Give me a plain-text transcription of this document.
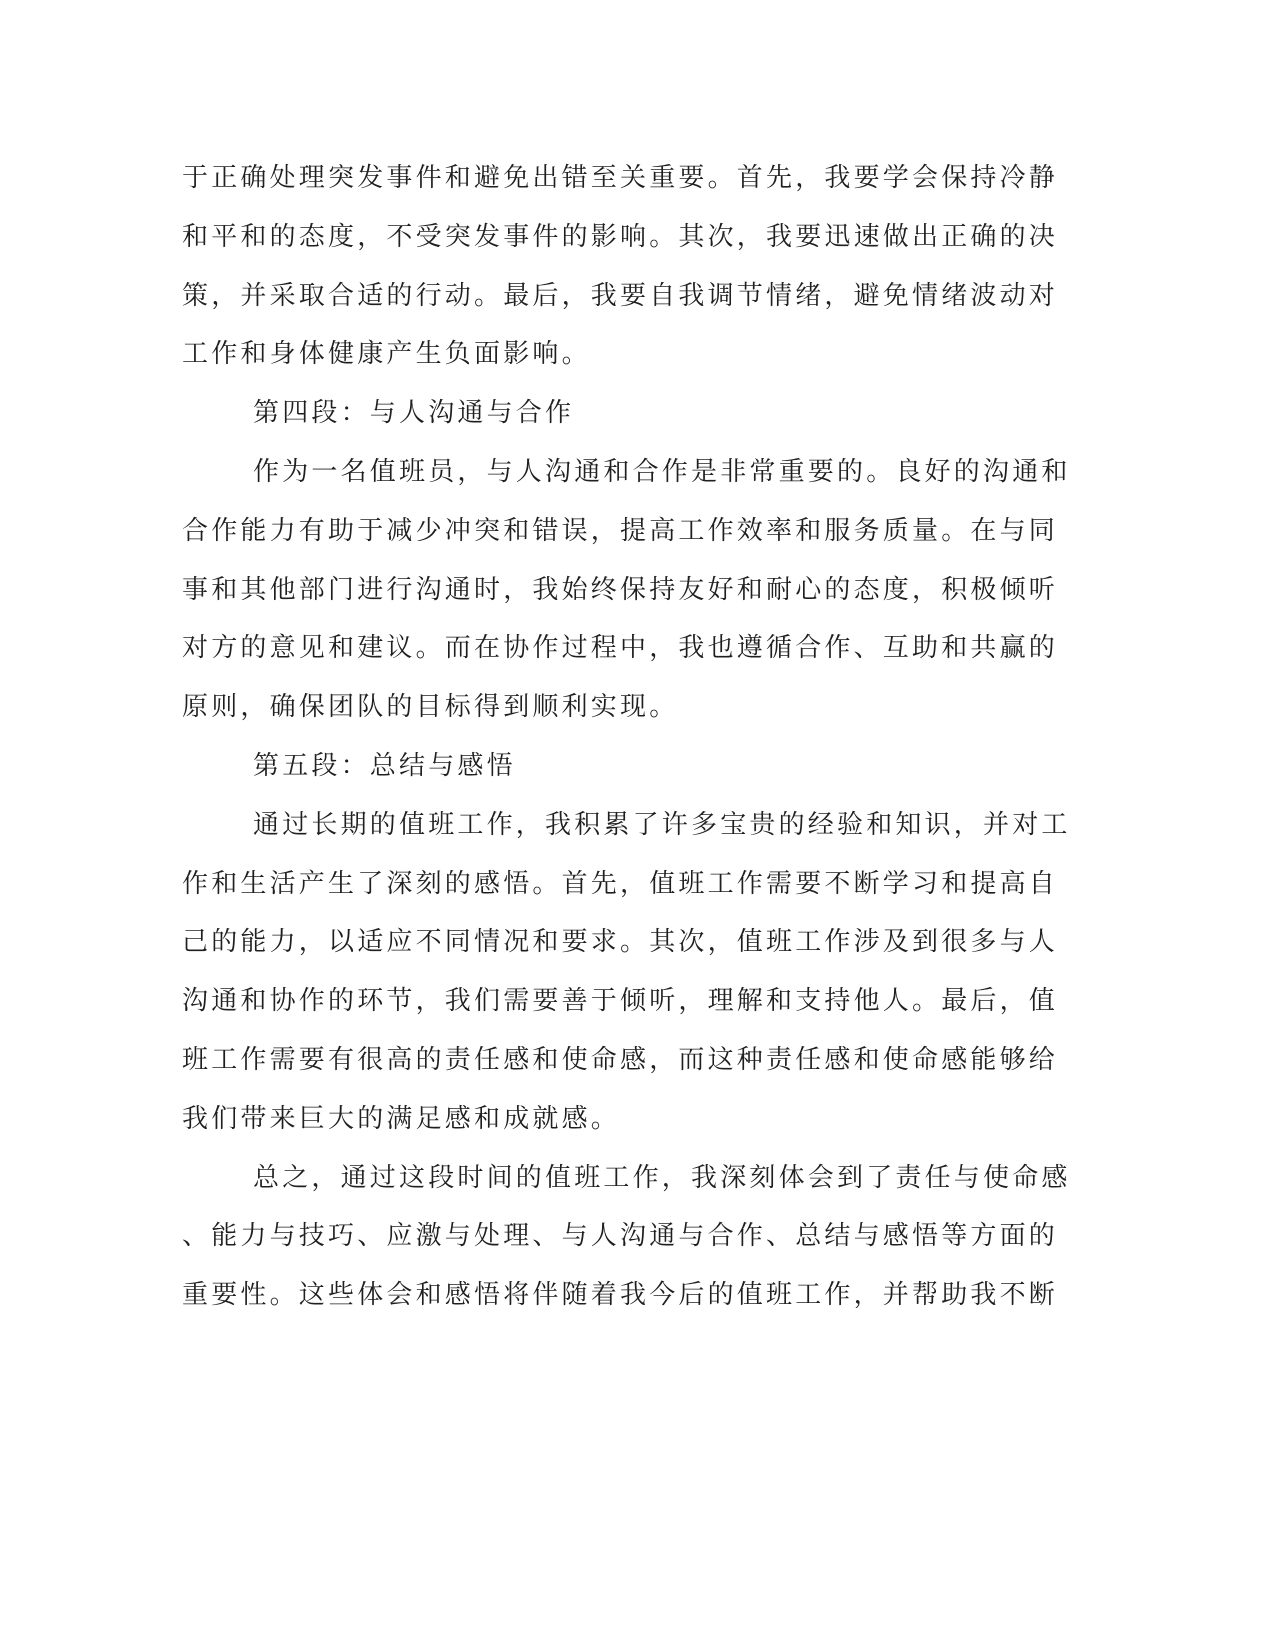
于正确处理突发事件和避免出错至关重要。首先，我要学会保持冷静
和平和的态度，不受突发事件的影响。其次，我要迅速做出正确的决
策，并采取合适的行动。最后，我要自我调节情绪，避免情绪波动对
工作和身体健康产生负面影响。
第四段：与人沟通与合作
作为一名值班员，与人沟通和合作是非常重要的。良好的沟通和
合作能力有助于减少冲突和错误，提高工作效率和服务质量。在与同
事和其他部门进行沟通时，我始终保持友好和耐心的态度，积极倾听
对方的意见和建议。而在协作过程中，我也遵循合作、互助和共赢的
原则，确保团队的目标得到顺利实现。
第五段：总结与感悟
通过长期的值班工作，我积累了许多宝贵的经验和知识，并对工
作和生活产生了深刻的感悟。首先，值班工作需要不断学习和提高自
己的能力，以适应不同情况和要求。其次，值班工作涉及到很多与人
沟通和协作的环节，我们需要善于倾听，理解和支持他人。最后，值
班工作需要有很高的责任感和使命感，而这种责任感和使命感能够给
我们带来巨大的满足感和成就感。
总之，通过这段时间的值班工作，我深刻体会到了责任与使命感
、能力与技巧、应激与处理、与人沟通与合作、总结与感悟等方面的
重要性。这些体会和感悟将伴随着我今后的值班工作，并帮助我不断
